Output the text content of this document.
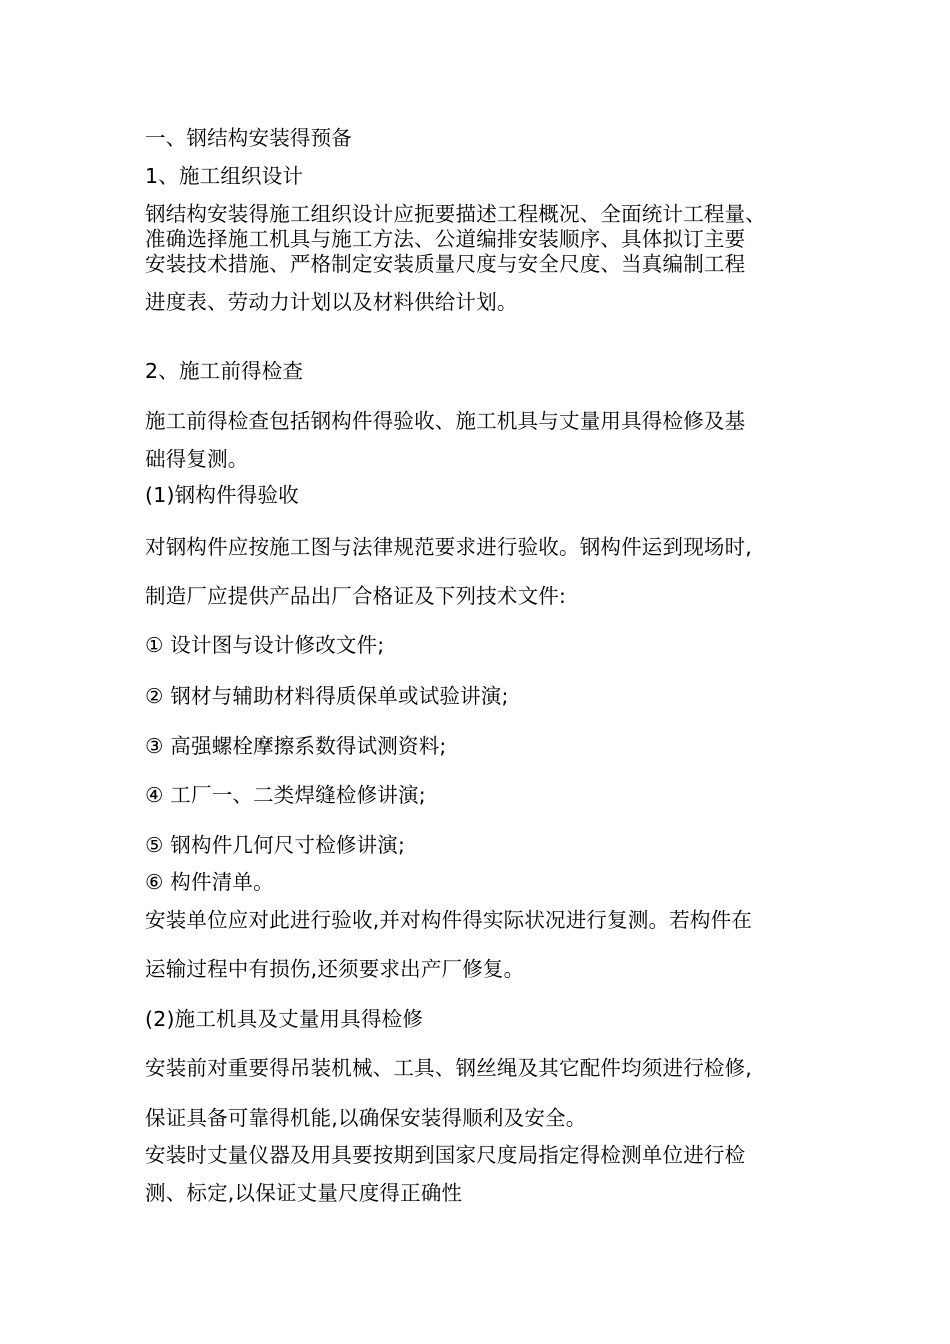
一、钢结构安装得预备
1、施工组织设计
钢结构安装得施工组织设计应扼要描述工程概况、全面统计工程量、
准确选择施工机具与施工方法、公道编排安装顺序、具体拟订主要
安装技术措施、严格制定安装质量尺度与安全尺度、当真编制工程
进度表、劳动力计划以及材料供给计划。
2、施工前得检查
施工前得检查包括钢构件得验收、施工机具与丈量用具得检修及基
础得复测。
(1)钢构件得验收
对钢构件应按施工图与法律规范要求进行验收。钢构件运到现场时,
制造厂应提供产品出厂合格证及下列技术文件:
① 设计图与设计修改文件;
② 钢材与辅助材料得质保单或试验讲演;
③ 高强螺栓摩擦系数得试测资料;
④ 工厂一、二类焊缝检修讲演;
⑤ 钢构件几何尺寸检修讲演;
⑥ 构件清单。
安装单位应对此进行验收,并对构件得实际状况进行复测。若构件在
运输过程中有损伤,还须要求出产厂修复。
(2)施工机具及丈量用具得检修
安装前对重要得吊装机械、工具、钢丝绳及其它配件均须进行检修,
保证具备可靠得机能,以确保安装得顺利及安全。
安装时丈量仪器及用具要按期到国家尺度局指定得检测单位进行检
测、标定,以保证丈量尺度得正确性
